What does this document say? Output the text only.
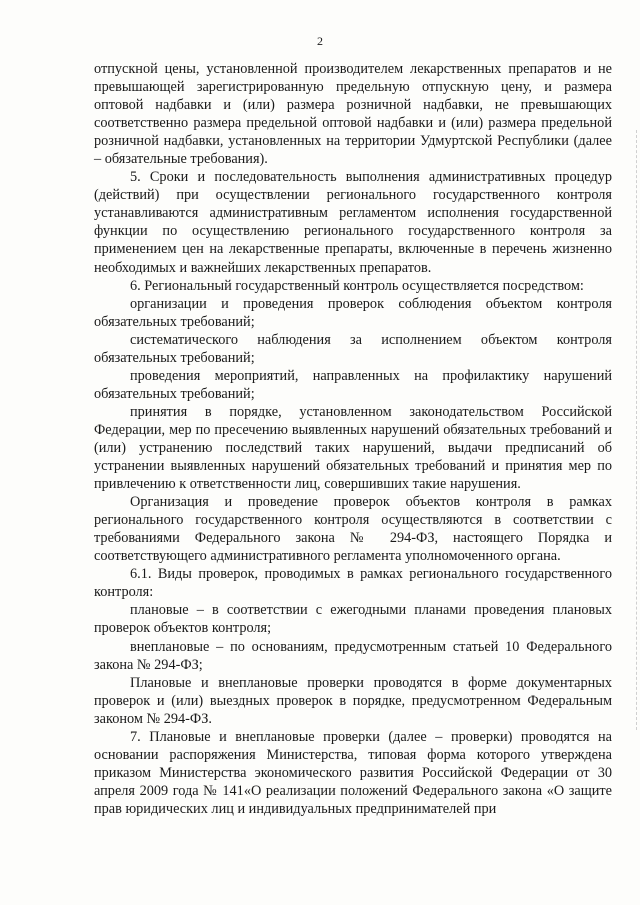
2

отпускной цены, установленной производителем лекарственных препаратов и не превышающей зарегистрированную предельную отпускную цену, и размера оптовой надбавки и (или) размера розничной надбавки, не превышающих соответственно размера предельной оптовой надбавки и (или) размера предельной розничной надбавки, установленных на территории Удмуртской Республики (далее – обязательные требования).

5. Сроки и последовательность выполнения административных процедур (действий) при осуществлении регионального государственного контроля устанавливаются административным регламентом исполнения государственной функции по осуществлению регионального государственного контроля за применением цен на лекарственные препараты, включенные в перечень жизненно необходимых и важнейших лекарственных препаратов.

6. Региональный государственный контроль осуществляется посредством:

организации и проведения проверок соблюдения объектом контроля обязательных требований;

систематического наблюдения за исполнением объектом контроля обязательных требований;

проведения мероприятий, направленных на профилактику нарушений обязательных требований;

принятия в порядке, установленном законодательством Российской Федерации, мер по пресечению выявленных нарушений обязательных требований и (или) устранению последствий таких нарушений, выдачи предписаний об устранении выявленных нарушений обязательных требований и принятия мер по привлечению к ответственности лиц, совершивших такие нарушения.

Организация и проведение проверок объектов контроля в рамках регионального государственного контроля осуществляются в соответствии с требованиями Федерального закона № 294-ФЗ, настоящего Порядка и соответствующего административного регламента уполномоченного органа.

6.1. Виды проверок, проводимых в рамках регионального государственного контроля:

плановые – в соответствии с ежегодными планами проведения плановых проверок объектов контроля;

внеплановые – по основаниям, предусмотренным статьей 10 Федерального закона № 294-ФЗ;

Плановые и внеплановые проверки проводятся в форме документарных проверок и (или) выездных проверок в порядке, предусмотренном Федеральным законом № 294-ФЗ.

7. Плановые и внеплановые проверки (далее – проверки) проводятся на основании распоряжения Министерства, типовая форма которого утверждена приказом Министерства экономического развития Российской Федерации от 30 апреля 2009 года № 141«О реализации положений Федерального закона «О защите прав юридических лиц и индивидуальных предпринимателей при
